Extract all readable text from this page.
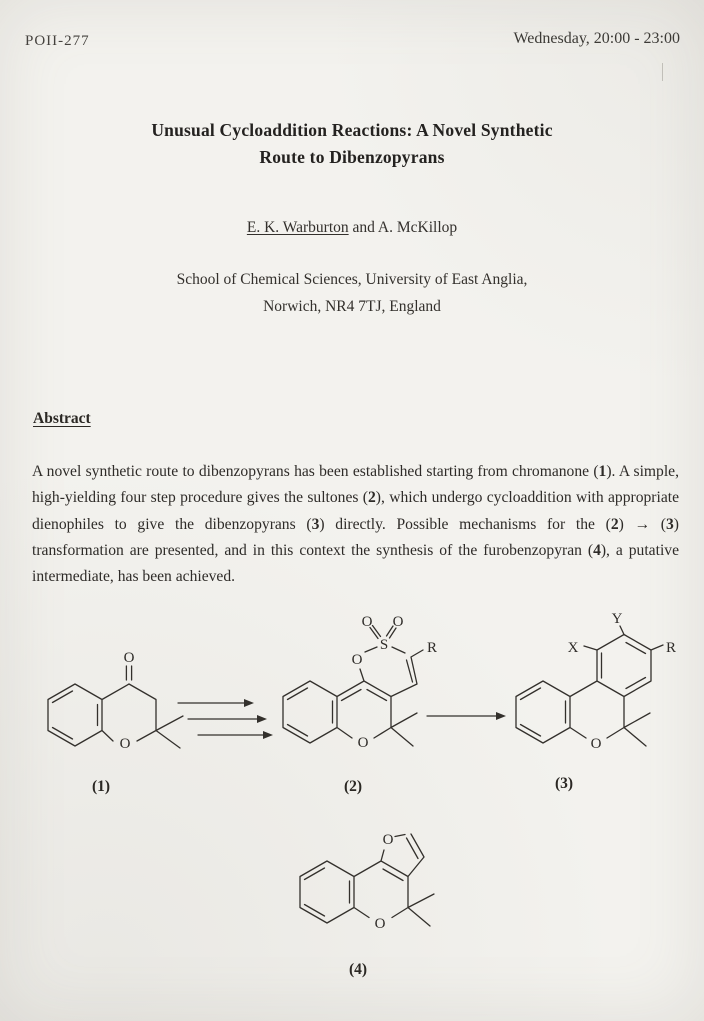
POII-277	Wednesday, 20:00 - 23:00
Unusual Cycloaddition Reactions: A Novel Synthetic
Route to Dibenzopyrans
E. K. Warburton and A. McKillop
School of Chemical Sciences, University of East Anglia,
Norwich, NR4 7TJ, England
Abstract
A novel synthetic route to dibenzopyrans has been established starting from chromanone (1). A simple, high-yielding four step procedure gives the sultones (2), which undergo cycloaddition with appropriate dienophiles to give the dibenzopyrans (3) directly. Possible mechanisms for the (2) → (3) transformation are presented, and in this context the synthesis of the furobenzopyran (4), a putative intermediate, has been achieved.
O
O
(1)
O O
S
O
R
O
(2)
X
Y
R
O
(3)
O
O
(4)
